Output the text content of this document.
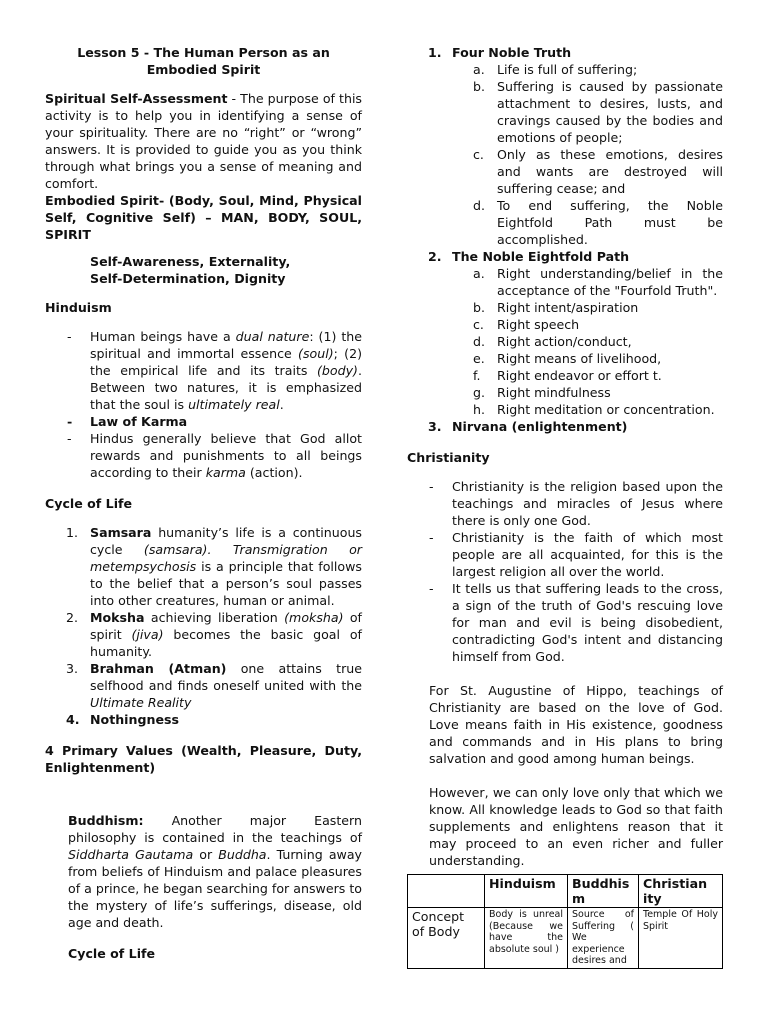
Lesson 5 - The Human Person as an Embodied Spirit

Spiritual Self-Assessment - The purpose of this activity is to help you in identifying a sense of your spirituality. There are no “right” or “wrong” answers. It is provided to guide you as you think through what brings you a sense of meaning and comfort.

Embodied Spirit- (Body, Soul, Mind, Physical Self, Cognitive Self) – MAN, BODY, SOUL, SPIRIT

Self-Awareness, Externality,
Self-Determination, Dignity

Hinduism

- Human beings have a dual nature: (1) the spiritual and immortal essence (soul); (2) the empirical life and its traits (body). Between two natures, it is emphasized that the soul is ultimately real.
- Law of Karma
- Hindus generally believe that God allot rewards and punishments to all beings according to their karma (action).

Cycle of Life

1. Samsara humanity’s life is a continuous cycle (samsara). Transmigration or metempsychosis is a principle that follows to the belief that a person’s soul passes into other creatures, human or animal.
2. Moksha achieving liberation (moksha) of spirit (jiva) becomes the basic goal of humanity.
3. Brahman (Atman) one attains true selfhood and finds oneself united with the Ultimate Reality
4. Nothingness

4 Primary Values (Wealth, Pleasure, Duty, Enlightenment)

Buddhism: Another major Eastern philosophy is contained in the teachings of Siddharta Gautama or Buddha. Turning away from beliefs of Hinduism and palace pleasures of a prince, he began searching for answers to the mystery of life’s sufferings, disease, old age and death.

Cycle of Life

1. Four Noble Truth
a. Life is full of suffering;
b. Suffering is caused by passionate attachment to desires, lusts, and cravings caused by the bodies and emotions of people;
c. Only as these emotions, desires and wants are destroyed will suffering cease; and
d. To end suffering, the Noble Eightfold Path must be accomplished.
2. The Noble Eightfold Path
a. Right understanding/belief in the acceptance of the "Fourfold Truth".
b. Right intent/aspiration
c. Right speech
d. Right action/conduct,
e. Right means of livelihood,
f. Right endeavor or effort t.
g. Right mindfulness
h. Right meditation or concentration.
3. Nirvana (enlightenment)

Christianity

- Christianity is the religion based upon the teachings and miracles of Jesus where there is only one God.
- Christianity is the faith of which most people are all acquainted, for this is the largest religion all over the world.
- It tells us that suffering leads to the cross, a sign of the truth of God's rescuing love for man and evil is being disobedient, contradicting God's intent and distancing himself from God.

For St. Augustine of Hippo, teachings of Christianity are based on the love of God. Love means faith in His existence, goodness and commands and in His plans to bring salvation and good among human beings.

However, we can only love only that which we know. All knowledge leads to God so that faith supplements and enlightens reason that it may proceed to an even richer and fuller understanding.

	Hinduism	Buddhis m	Christian ity
Concept of Body	Body is unreal (Because we have the absolute soul )	Source of Suffering ( We experience desires and	Temple Of Holy Spirit
